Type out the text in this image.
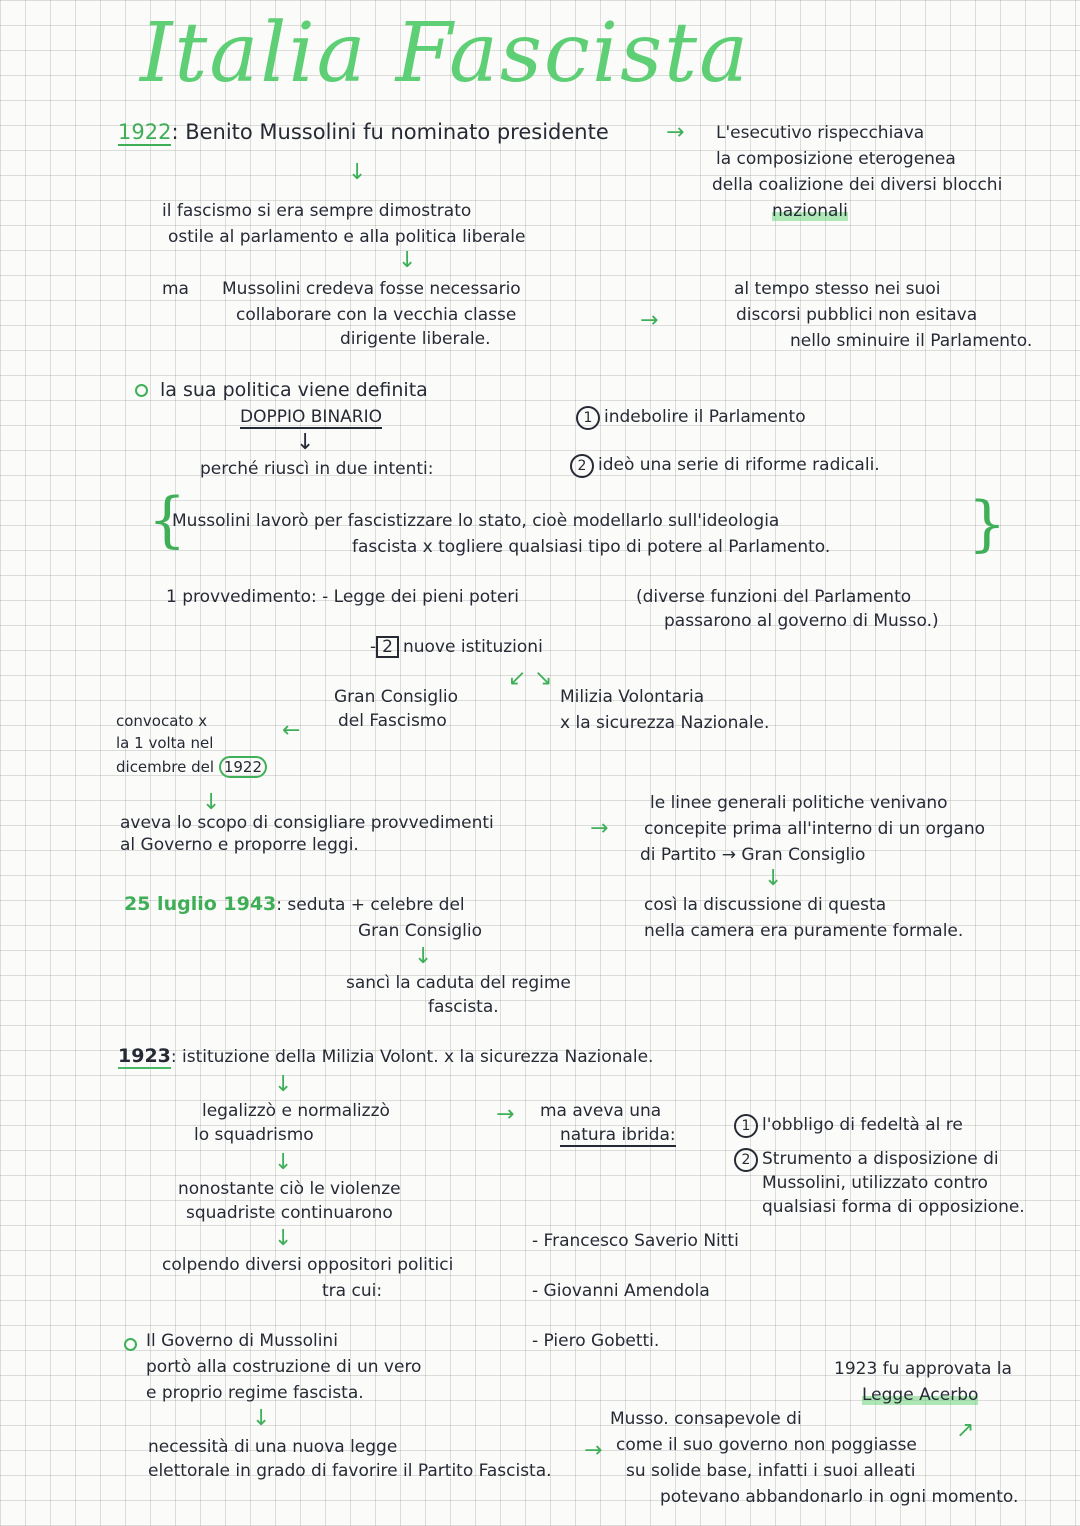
Italia Fascista
1922: Benito Mussolini fu nominato presidente	→ L'esecutivo rispecchiava
la composizione eterogenea
della coalizione dei diversi blocchi
nazionali
↓
il fascismo si era sempre dimostrato
ostile al parlamento e alla politica liberale
↓
ma Mussolini credeva fosse necessario
collaborare con la vecchia classe
dirigente liberale.
→
al tempo stesso nei suoi
discorsi pubblici non esitava
nello sminuire il Parlamento.
la sua politica viene definita
DOPPIO BINARIO
↓
perché riuscì in due intenti:
1 indebolire il Parlamento
2 ideò una serie di riforme radicali.
{
Mussolini lavorò per fascistizzare lo stato, cioè modellarlo sull'ideologia
fascista x togliere qualsiasi tipo di potere al Parlamento. }
1 provvedimento: - Legge dei pieni poteri	(diverse funzioni del Parlamento
passarono al governo di Musso.)
- 2 nuove istituzioni
↙ ↘
Gran Consiglio
del Fascismo
Milizia Volontaria
x la sicurezza Nazionale.
←
convocato x
la 1 volta nel
dicembre del 1922
↓
aveva lo scopo di consigliare provvedimenti
al Governo e proporre leggi.
→
le linee generali politiche venivano
concepite prima all'interno di un organo
di Partito → Gran Consiglio
↓
così la discussione di questa
nella camera era puramente formale.
25 luglio 1943: seduta + celebre del
Gran Consiglio
↓
sancì la caduta del regime
fascista.
1923: istituzione della Milizia Volont. x la sicurezza Nazionale.
↓
legalizzò e normalizzò
lo squadrismo
→ ma aveva una
natura ibrida:	1 l'obbligo di fedeltà al re
2 Strumento a disposizione di
Mussolini, utilizzato contro
qualsiasi forma di opposizione.
↓
nonostante ciò le violenze
squadriste continuarono
↓
colpendo diversi oppositori politici
tra cui:
- Francesco Saverio Nitti
- Giovanni Amendola
- Piero Gobetti.
Il Governo di Mussolini
portò alla costruzione di un vero
e proprio regime fascista.
↓
necessità di una nuova legge
elettorale in grado di favorire il Partito Fascista.
→
1923 fu approvata la
Legge Acerbo
↗
Musso. consapevole di
come il suo governo non poggiasse
su solide base, infatti i suoi alleati
potevano abbandonarlo in ogni momento.
